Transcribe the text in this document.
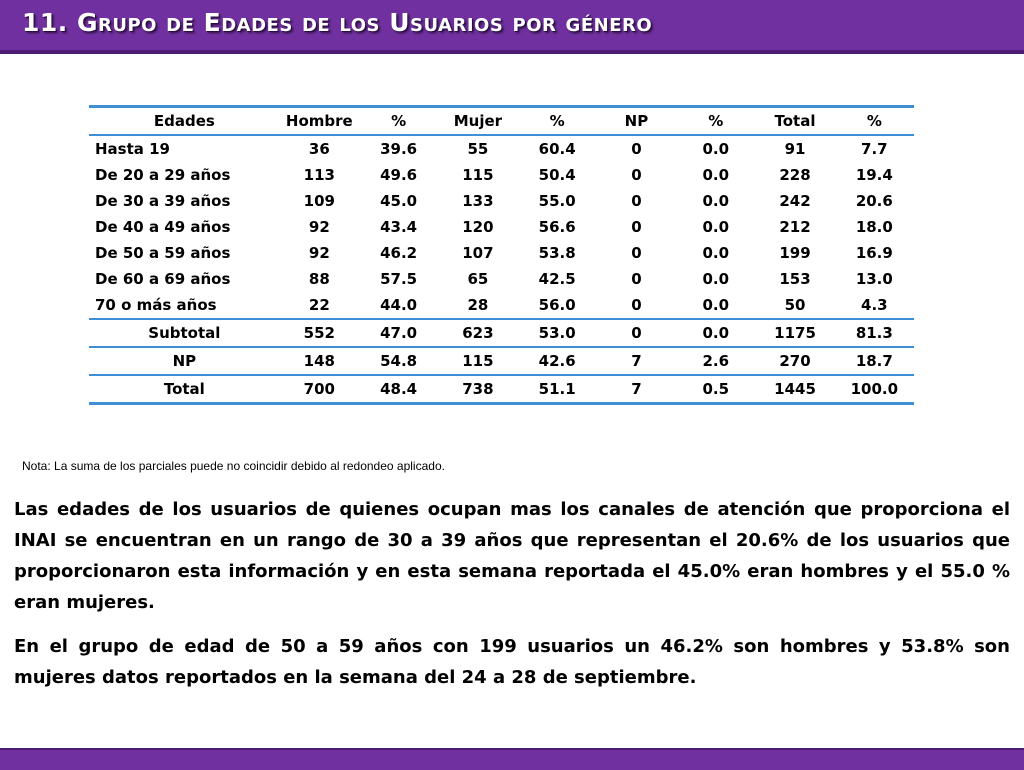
11. Grupo de Edades de los Usuarios por género
Edades	Hombre	%	Mujer	%	NP	%	Total	%
Hasta 19	36	39.6	55	60.4	0	0.0	91	7.7
De 20 a 29 años	113	49.6	115	50.4	0	0.0	228	19.4
De 30 a 39 años	109	45.0	133	55.0	0	0.0	242	20.6
De 40 a 49 años	92	43.4	120	56.6	0	0.0	212	18.0
De 50 a 59 años	92	46.2	107	53.8	0	0.0	199	16.9
De 60 a 69 años	88	57.5	65	42.5	0	0.0	153	13.0
70 o más años	22	44.0	28	56.0	0	0.0	50	4.3
Subtotal	552	47.0	623	53.0	0	0.0	1175	81.3
NP	148	54.8	115	42.6	7	2.6	270	18.7
Total	700	48.4	738	51.1	7	0.5	1445	100.0
Nota: La suma de los parciales puede no coincidir debido al redondeo aplicado.

Las edades de los usuarios de quienes ocupan mas los canales de atención que proporciona el INAI se encuentran en un rango de 30 a 39 años que representan el 20.6% de los usuarios que proporcionaron esta información y en esta semana reportada el 45.0% eran hombres y el 55.0 % eran mujeres.

En el grupo de edad de 50 a 59 años con 199 usuarios un 46.2% son hombres y 53.8% son mujeres datos reportados en la semana del 24 a 28 de septiembre.
